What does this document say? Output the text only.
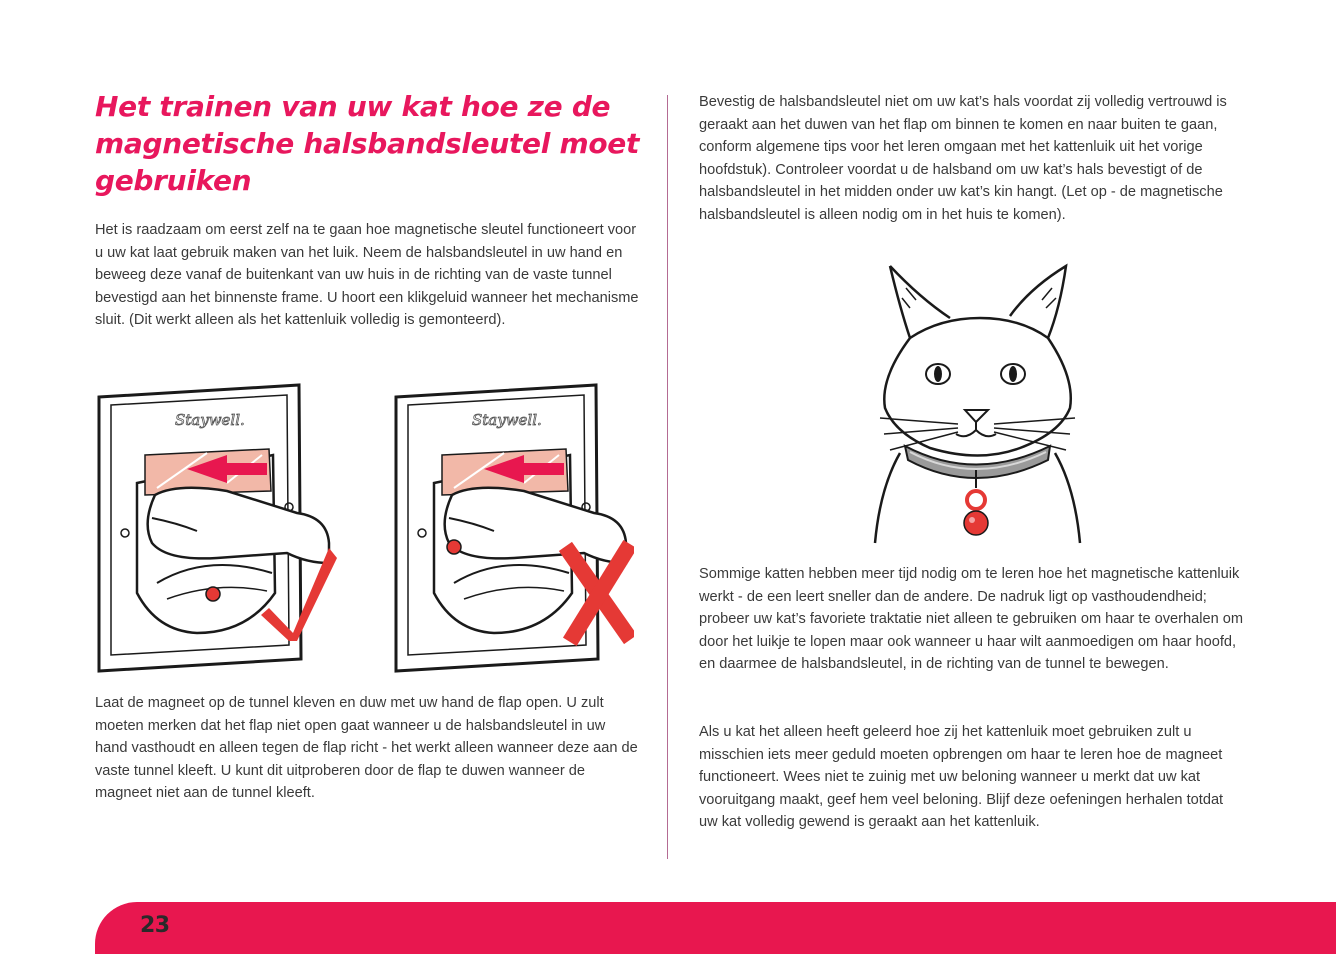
Het trainen van uw kat hoe ze de magnetische halsbandsleutel moet gebruiken

Het is raadzaam om eerst zelf na te gaan hoe magnetische sleutel functioneert voor u uw kat laat gebruik maken van het luik. Neem de halsbandsleutel in uw hand en beweeg deze vanaf de buitenkant van uw huis in de richting van de vaste tunnel bevestigd aan het binnenste frame. U hoort een klikgeluid wanneer het mechanisme sluit. (Dit werkt alleen als het kattenluik volledig is gemonteerd).

Staywell.	Staywell.

Laat de magneet op de tunnel kleven en duw met uw hand de flap open. U zult moeten merken dat het flap niet open gaat wanneer u de halsbandsleutel in uw hand vasthoudt en alleen tegen de flap richt - het werkt alleen wanneer deze aan de vaste tunnel kleeft. U kunt dit uitproberen door de flap te duwen wanneer de magneet niet aan de tunnel kleeft.

Bevestig de halsbandsleutel niet om uw kat’s hals voordat zij volledig vertrouwd is geraakt aan het duwen van het flap om binnen te komen en naar buiten te gaan, conform algemene tips voor het leren omgaan met het kattenluik uit het vorige hoofdstuk). Controleer voordat u de halsband om uw kat’s hals bevestigt of de halsbandsleutel in het midden onder uw kat’s kin hangt. (Let op - de magnetische halsbandsleutel is alleen nodig om in het huis te komen).

Sommige katten hebben meer tijd nodig om te leren hoe het magnetische kattenluik werkt - de een leert sneller dan de andere. De nadruk ligt op vasthoudendheid; probeer uw kat’s favoriete traktatie niet alleen te gebruiken om haar te overhalen om door het luikje te lopen maar ook wanneer u haar wilt aanmoedigen om haar hoofd, en daarmee de halsbandsleutel, in de richting van de tunnel te bewegen.

Als u kat het alleen heeft geleerd hoe zij het kattenluik moet gebruiken zult u misschien iets meer geduld moeten opbrengen om haar te leren hoe de magneet functioneert. Wees niet te zuinig met uw beloning wanneer u merkt dat uw kat vooruitgang maakt, geef hem veel beloning. Blijf deze oefeningen herhalen totdat uw kat volledig gewend is geraakt aan het kattenluik.

23
